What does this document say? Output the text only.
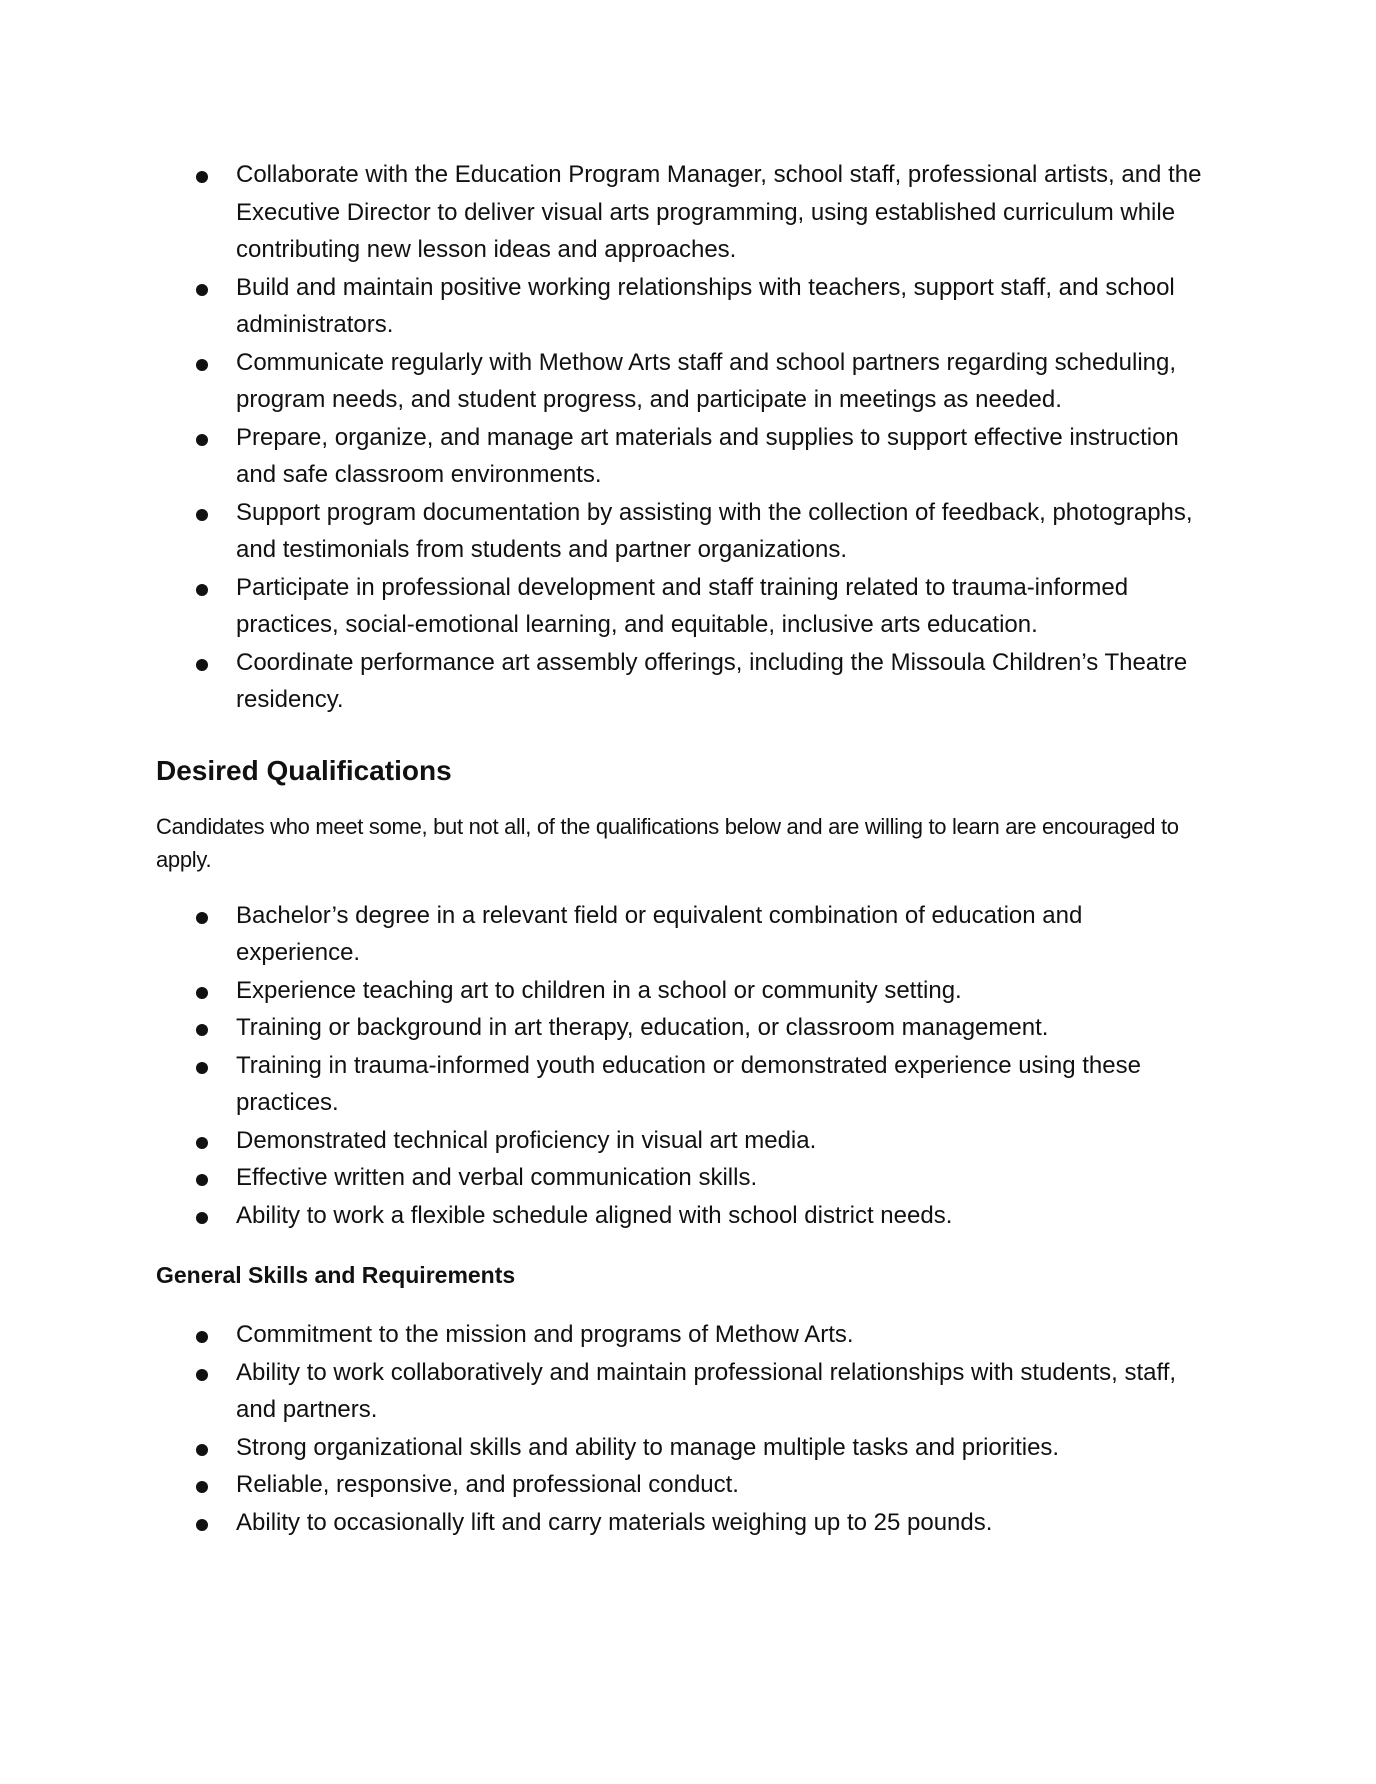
Collaborate with the Education Program Manager, school staff, professional artists, and the Executive Director to deliver visual arts programming, using established curriculum while contributing new lesson ideas and approaches.
Build and maintain positive working relationships with teachers, support staff, and school administrators.
Communicate regularly with Methow Arts staff and school partners regarding scheduling, program needs, and student progress, and participate in meetings as needed.
Prepare, organize, and manage art materials and supplies to support effective instruction and safe classroom environments.
Support program documentation by assisting with the collection of feedback, photographs, and testimonials from students and partner organizations.
Participate in professional development and staff training related to trauma-informed practices, social-emotional learning, and equitable, inclusive arts education.
Coordinate performance art assembly offerings, including the Missoula Children’s Theatre residency.
Desired Qualifications

Candidates who meet some, but not all, of the qualifications below and are willing to learn are encouraged to apply.

Bachelor’s degree in a relevant field or equivalent combination of education and experience.
Experience teaching art to children in a school or community setting.
Training or background in art therapy, education, or classroom management.
Training in trauma-informed youth education or demonstrated experience using these practices.
Demonstrated technical proficiency in visual art media.
Effective written and verbal communication skills.
Ability to work a flexible schedule aligned with school district needs.
General Skills and Requirements
Commitment to the mission and programs of Methow Arts.
Ability to work collaboratively and maintain professional relationships with students, staff, and partners.
Strong organizational skills and ability to manage multiple tasks and priorities.
Reliable, responsive, and professional conduct.
Ability to occasionally lift and carry materials weighing up to 25 pounds.
